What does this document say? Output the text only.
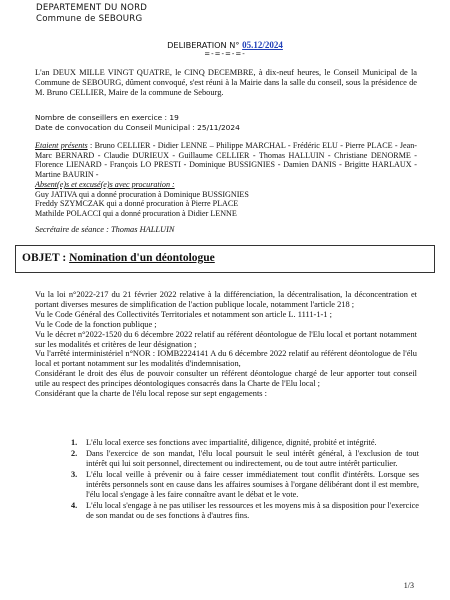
DEPARTEMENT DU NORD
Commune de SEBOURG
DELIBERATION N° 05.12/2024
=-=-=-=-
L'an DEUX MILLE VINGT QUATRE, le CINQ DECEMBRE, à dix-neuf heures, le Conseil Municipal de la Commune de SEBOURG, dûment convoqué, s'est réuni à la Mairie dans la salle du conseil, sous la présidence de M. Bruno CELLIER, Maire de la commune de Sebourg.
Nombre de conseillers en exercice : 19
Date de convocation du Conseil Municipal : 25/11/2024
Etaient présents : Bruno CELLIER - Didier LENNE – Philippe MARCHAL - Frédéric ELU - Pierre PLACE - Jean-Marc BERNARD - Claudie DURIEUX - Guillaume CELLIER - Thomas HALLUIN - Christiane DENORME - Florence LIENARD - François LO PRESTI - Dominique BUSSIGNIES - Damien DANIS - Brigitte HARLAUX - Martine BAURIN -
Absent(e)s et excusé(e)s avec procuration :
Guy JATIVA qui a donné procuration à Dominique BUSSIGNIES
Freddy SZYMCZAK qui a donné procuration à Pierre PLACE
Mathilde POLACCI qui a donné procuration à Didier LENNE
Secrétaire de séance : Thomas HALLUIN
OBJET : Nomination d'un déontologue
Vu la loi n°2022-217 du 21 février 2022 relative à la différenciation, la décentralisation, la déconcentration et portant diverses mesures de simplification de l'action publique locale, notamment l'article 218 ;
Vu le Code Général des Collectivités Territoriales et notamment son article L. 1111-1-1 ;
Vu le Code de la fonction publique ;
Vu le décret n°2022-1520 du 6 décembre 2022 relatif au référent déontologue de l'Elu local et portant notamment sur les modalités et critères de leur désignation ;
Vu l'arrêté interministériel n°NOR : IOMB2224141 A du 6 décembre 2022 relatif au référent déontologue de l'élu local et portant notamment sur les modalités d'indemnisation,
Considérant le droit des élus de pouvoir consulter un référent déontologue chargé de leur apporter tout conseil utile au respect des principes déontologiques consacrés dans la Charte de l'Elu local ;
Considérant que la charte de l'élu local repose sur sept engagements :
1. L'élu local exerce ses fonctions avec impartialité, diligence, dignité, probité et intégrité.
2. Dans l'exercice de son mandat, l'élu local poursuit le seul intérêt général, à l'exclusion de tout intérêt qui lui soit personnel, directement ou indirectement, ou de tout autre intérêt particulier.
3. L'élu local veille à prévenir ou à faire cesser immédiatement tout conflit d'intérêts. Lorsque ses intérêts personnels sont en cause dans les affaires soumises à l'organe délibérant dont il est membre, l'élu local s'engage à les faire connaître avant le débat et le vote.
4. L'élu local s'engage à ne pas utiliser les ressources et les moyens mis à sa disposition pour l'exercice de son mandat ou de ses fonctions à d'autres fins.
1/3
